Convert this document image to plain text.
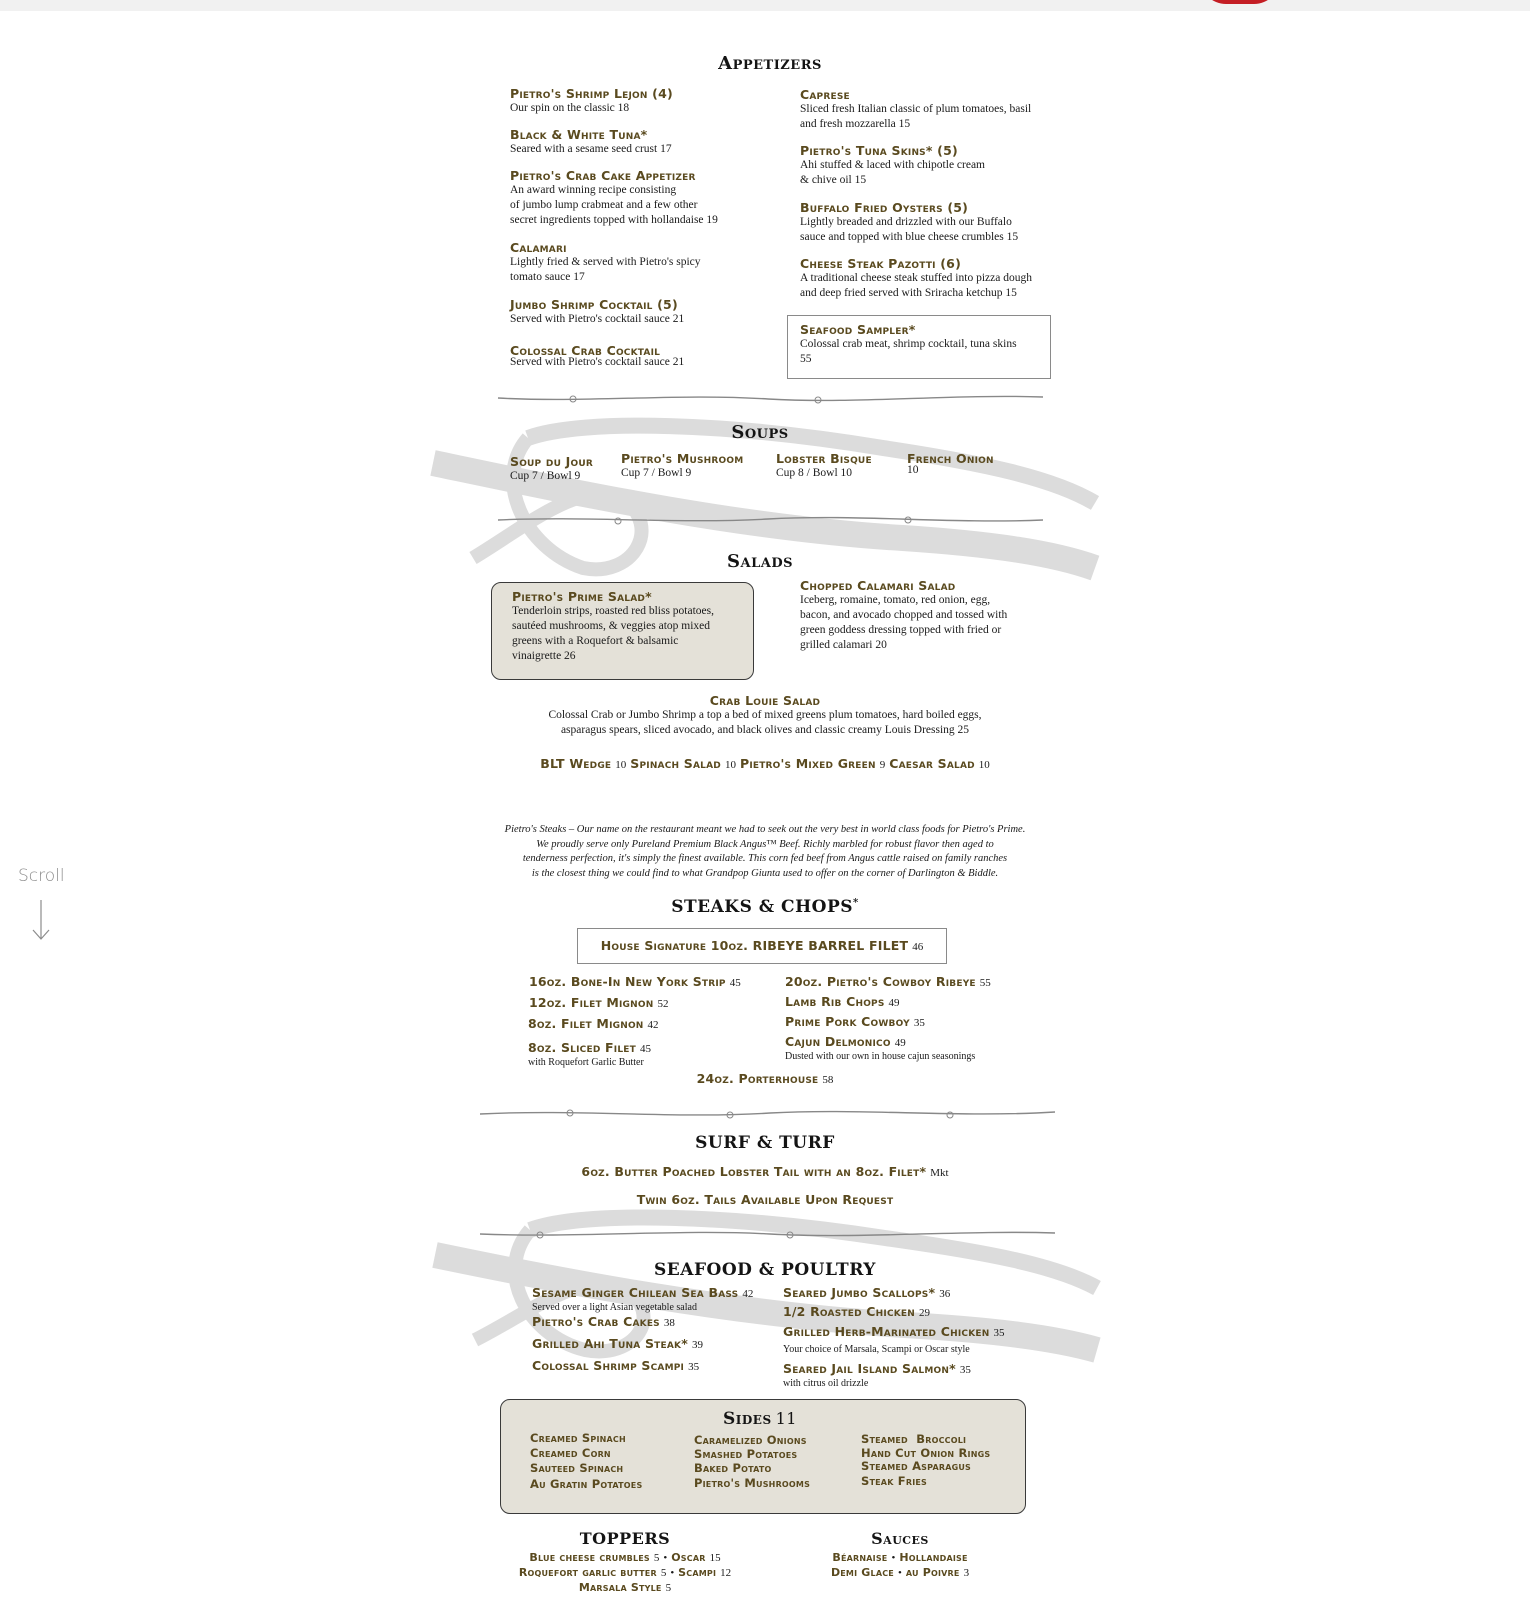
Scroll
Appetizers
Pietro's Shrimp Lejon (4)
Our spin on the classic 18
Black & White Tuna*
Seared with a sesame seed crust 17
Pietro's Crab Cake Appetizer
An award winning recipe consisting
of jumbo lump crabmeat and a few other
secret ingredients topped with hollandaise 19
Calamari
Lightly fried & served with Pietro's spicy
tomato sauce 17
Jumbo Shrimp Cocktail (5)
Served with Pietro's cocktail sauce 21
Colossal Crab Cocktail
Served with Pietro's cocktail sauce 21
Caprese
Sliced fresh Italian classic of plum tomatoes, basil
and fresh mozzarella 15
Pietro's Tuna Skins* (5)
Ahi stuffed & laced with chipotle cream
& chive oil 15
Buffalo Fried Oysters (5)
Lightly breaded and drizzled with our Buffalo
sauce and topped with blue cheese crumbles 15
Cheese Steak Pazotti (6)
A traditional cheese steak stuffed into pizza dough
and deep fried served with Sriracha ketchup 15
Seafood Sampler*
Colossal crab meat, shrimp cocktail, tuna skins
55
Soups
Soup du Jour
Cup 7 / Bowl 9
Pietro's Mushroom
Cup 7 / Bowl 9
Lobster Bisque
Cup 8 / Bowl 10
French Onion
10
Salads
Pietro's Prime Salad*
Tenderloin strips, roasted red bliss potatoes,
sautéed mushrooms, & veggies atop mixed
greens with a Roquefort & balsamic
vinaigrette 26
Chopped Calamari Salad
Iceberg, romaine, tomato, red onion, egg,
bacon, and avocado chopped and tossed with
green goddess dressing topped with fried or
grilled calamari 20
Crab Louie Salad
Colossal Crab or Jumbo Shrimp a top a bed of mixed greens plum tomatoes, hard boiled eggs,
asparagus spears, sliced avocado, and black olives and classic creamy Louis Dressing 25
BLT Wedge 10 Spinach Salad 10 Pietro's Mixed Green 9 Caesar Salad 10
Pietro's Steaks – Our name on the restaurant meant we had to seek out the very best in world class foods for Pietro's Prime.
We proudly serve only Pureland Premium Black Angus™ Beef. Richly marbled for robust flavor then aged to
tenderness perfection, it's simply the finest available. This corn fed beef from Angus cattle raised on family ranches
is the closest thing we could find to what Grandpop Giunta used to offer on the corner of Darlington & Biddle.
STEAKS & CHOPS*
House Signature 10oz. RIBEYE BARREL FILET 46
16oz. Bone-In New York Strip 45
12oz. Filet Mignon 52
8oz. Filet Mignon 42
8oz. Sliced Filet 45
with Roquefort Garlic Butter
20oz. Pietro's Cowboy Ribeye 55
Lamb Rib Chops 49
Prime Pork Cowboy 35
Cajun Delmonico 49
Dusted with our own in house cajun seasonings
24oz. Porterhouse 58
SURF & TURF
6oz. Butter Poached Lobster Tail with an 8oz. Filet* Mkt
Twin 6oz. Tails Available Upon Request
SEAFOOD & POULTRY
Sesame Ginger Chilean Sea Bass 42
Served over a light Asian vegetable salad
Pietro's Crab Cakes 38
Grilled Ahi Tuna Steak* 39
Colossal Shrimp Scampi 35
Seared Jumbo Scallops* 36
1/2 Roasted Chicken 29
Grilled Herb-Marinated Chicken 35
Your choice of Marsala, Scampi or Oscar style
Seared Jail Island Salmon* 35
with citrus oil drizzle
Sides 11
Creamed Spinach
Creamed Corn
Sauteed Spinach
Au Gratin Potatoes
Caramelized Onions
Smashed Potatoes
Baked Potato
Pietro's Mushrooms
Steamed  Broccoli
Hand Cut Onion Rings
Steamed Asparagus
Steak Fries
TOPPERS
Blue cheese crumbles 5 • Oscar 15
Roquefort garlic butter 5 • Scampi 12
Marsala Style 5
Sauces
Béarnaise • Hollandaise
Demi Glace • au Poivre 3
